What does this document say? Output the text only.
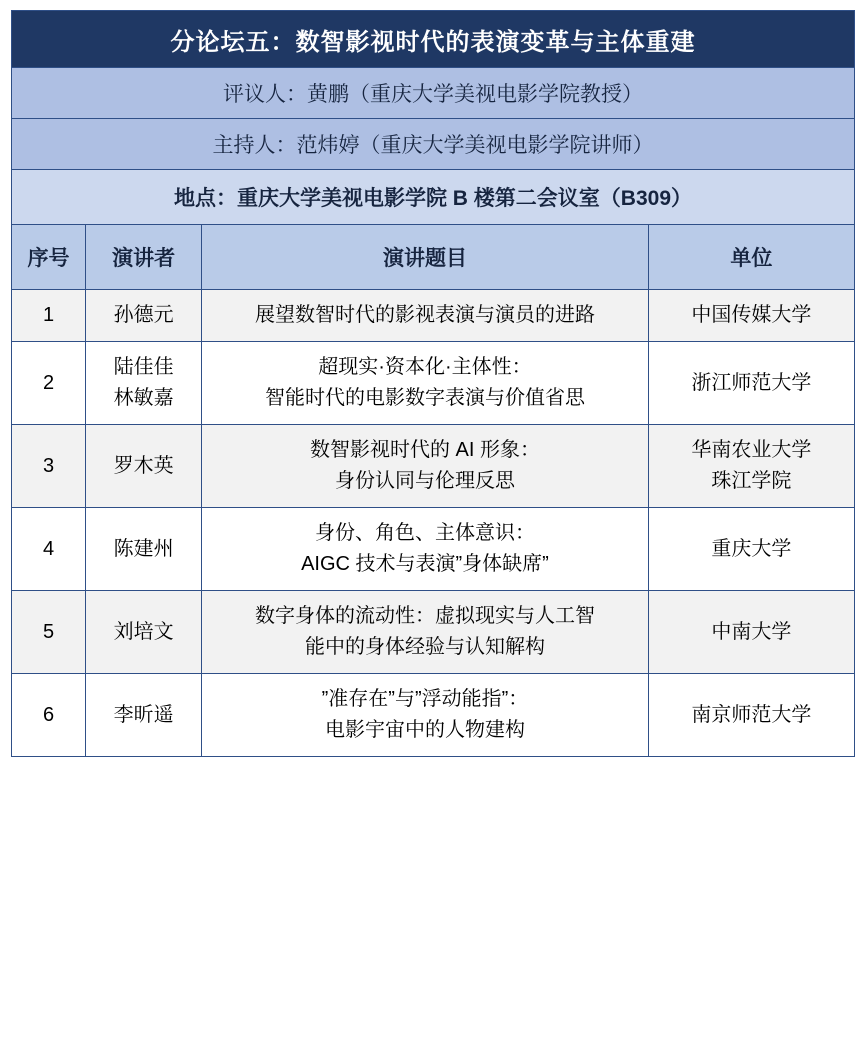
分论坛五：数智影视时代的表演变革与主体重建			
评议人：黄鹏（重庆大学美视电影学院教授）			
主持人：范炜婷（重庆大学美视电影学院讲师）			
地点：重庆大学美视电影学院 B 楼第二会议室（B309）			
序号	演讲者	演讲题目	单位
1	孙德元	展望数智时代的影视表演与演员的进路	中国传媒大学

2	陆佳佳
林敏嘉	超现实·资本化·主体性：
智能时代的电影数字表演与价值省思	浙江师范大学

3	罗木英	数智影视时代的 AI 形象：
身份认同与伦理反思	华南农业大学
珠江学院

4	陈建州	身份、角色、主体意识：
AIGC 技术与表演”身体缺席”	重庆大学

5	刘培文	数字身体的流动性：虚拟现实与人工智
能中的身体经验与认知解构	中南大学

6	李昕遥	”准存在”与”浮动能指”：
电影宇宙中的人物建构	南京师范大学
